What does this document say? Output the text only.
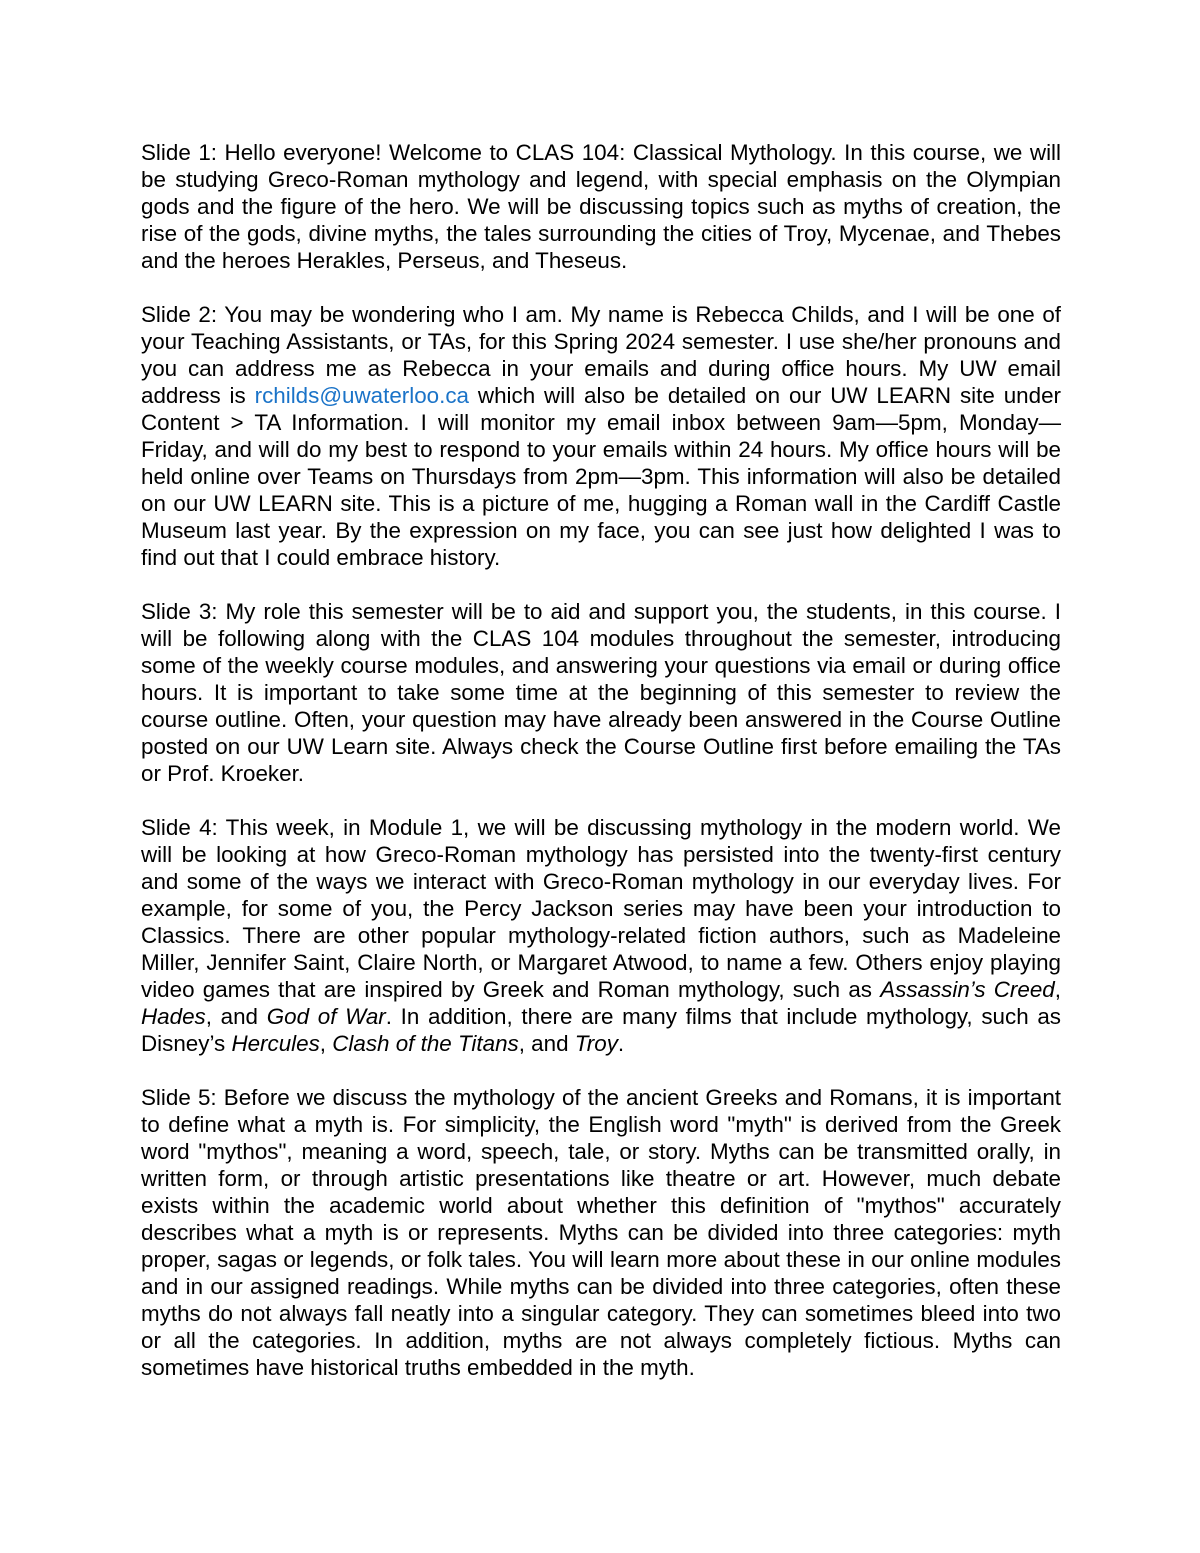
Slide 1: Hello everyone! Welcome to CLAS 104: Classical Mythology. In this course, we will be studying Greco-Roman mythology and legend, with special emphasis on the Olympian gods and the figure of the hero. We will be discussing topics such as myths of creation, the rise of the gods, divine myths, the tales surrounding the cities of Troy, Mycenae, and Thebes and the heroes Herakles, Perseus, and Theseus.

Slide 2: You may be wondering who I am. My name is Rebecca Childs, and I will be one of your Teaching Assistants, or TAs, for this Spring 2024 semester. I use she/her pronouns and you can address me as Rebecca in your emails and during office hours. My UW email address is rchilds@uwaterloo.ca which will also be detailed on our UW LEARN site under Content > TA Information. I will monitor my email inbox between 9am—5pm, Monday—Friday, and will do my best to respond to your emails within 24 hours. My office hours will be held online over Teams on Thursdays from 2pm—3pm. This information will also be detailed on our UW LEARN site. This is a picture of me, hugging a Roman wall in the Cardiff Castle Museum last year. By the expression on my face, you can see just how delighted I was to find out that I could embrace history.

Slide 3: My role this semester will be to aid and support you, the students, in this course. I will be following along with the CLAS 104 modules throughout the semester, introducing some of the weekly course modules, and answering your questions via email or during office hours. It is important to take some time at the beginning of this semester to review the course outline. Often, your question may have already been answered in the Course Outline posted on our UW Learn site. Always check the Course Outline first before emailing the TAs or Prof. Kroeker.

Slide 4: This week, in Module 1, we will be discussing mythology in the modern world. We will be looking at how Greco-Roman mythology has persisted into the twenty-first century and some of the ways we interact with Greco-Roman mythology in our everyday lives. For example, for some of you, the Percy Jackson series may have been your introduction to Classics. There are other popular mythology-related fiction authors, such as Madeleine Miller, Jennifer Saint, Claire North, or Margaret Atwood, to name a few. Others enjoy playing video games that are inspired by Greek and Roman mythology, such as Assassin’s Creed, Hades, and God of War. In addition, there are many films that include mythology, such as Disney’s Hercules, Clash of the Titans, and Troy.

Slide 5: Before we discuss the mythology of the ancient Greeks and Romans, it is important to define what a myth is. For simplicity, the English word "myth" is derived from the Greek word "mythos", meaning a word, speech, tale, or story. Myths can be transmitted orally, in written form, or through artistic presentations like theatre or art. However, much debate exists within the academic world about whether this definition of "mythos" accurately describes what a myth is or represents. Myths can be divided into three categories: myth proper, sagas or legends, or folk tales. You will learn more about these in our online modules and in our assigned readings. While myths can be divided into three categories, often these myths do not always fall neatly into a singular category. They can sometimes bleed into two or all the categories. In addition, myths are not always completely fictious. Myths can sometimes have historical truths embedded in the myth.
